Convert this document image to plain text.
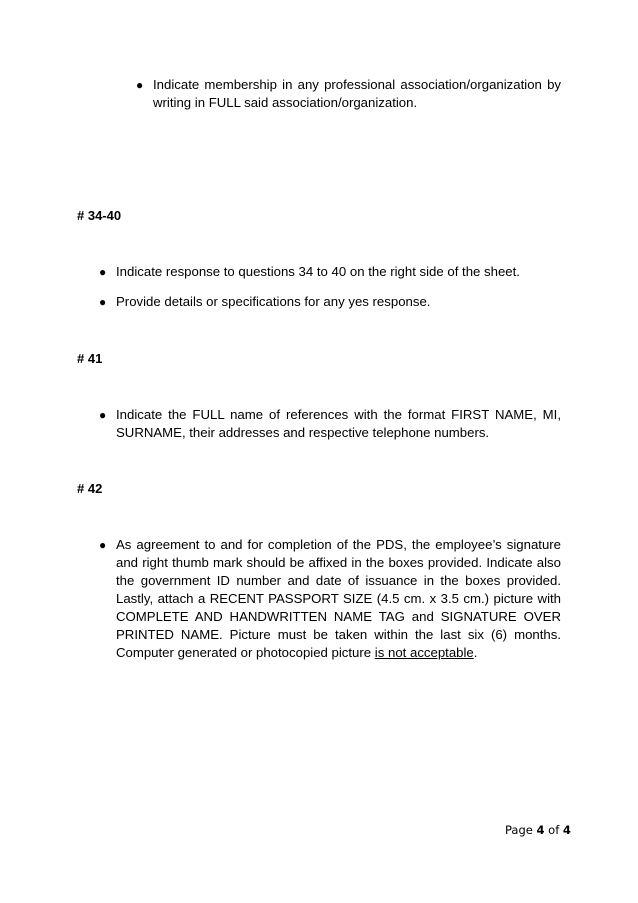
● Indicate membership in any professional association/organization by writing in FULL said association/organization.
# 34-40
● Indicate response to questions 34 to 40 on the right side of the sheet.
● Provide details or specifications for any yes response.
# 41
● Indicate the FULL name of references with the format FIRST NAME, MI, SURNAME, their addresses and respective telephone numbers.
# 42
● As agreement to and for completion of the PDS, the employee’s signature and right thumb mark should be affixed in the boxes provided. Indicate also the government ID number and date of issuance in the boxes provided. Lastly, attach a RECENT PASSPORT SIZE (4.5 cm. x 3.5 cm.) picture with COMPLETE AND HANDWRITTEN NAME TAG and SIGNATURE OVER PRINTED NAME. Picture must be taken within the last six (6) months. Computer generated or photocopied picture is not acceptable.
Page 4 of 4
